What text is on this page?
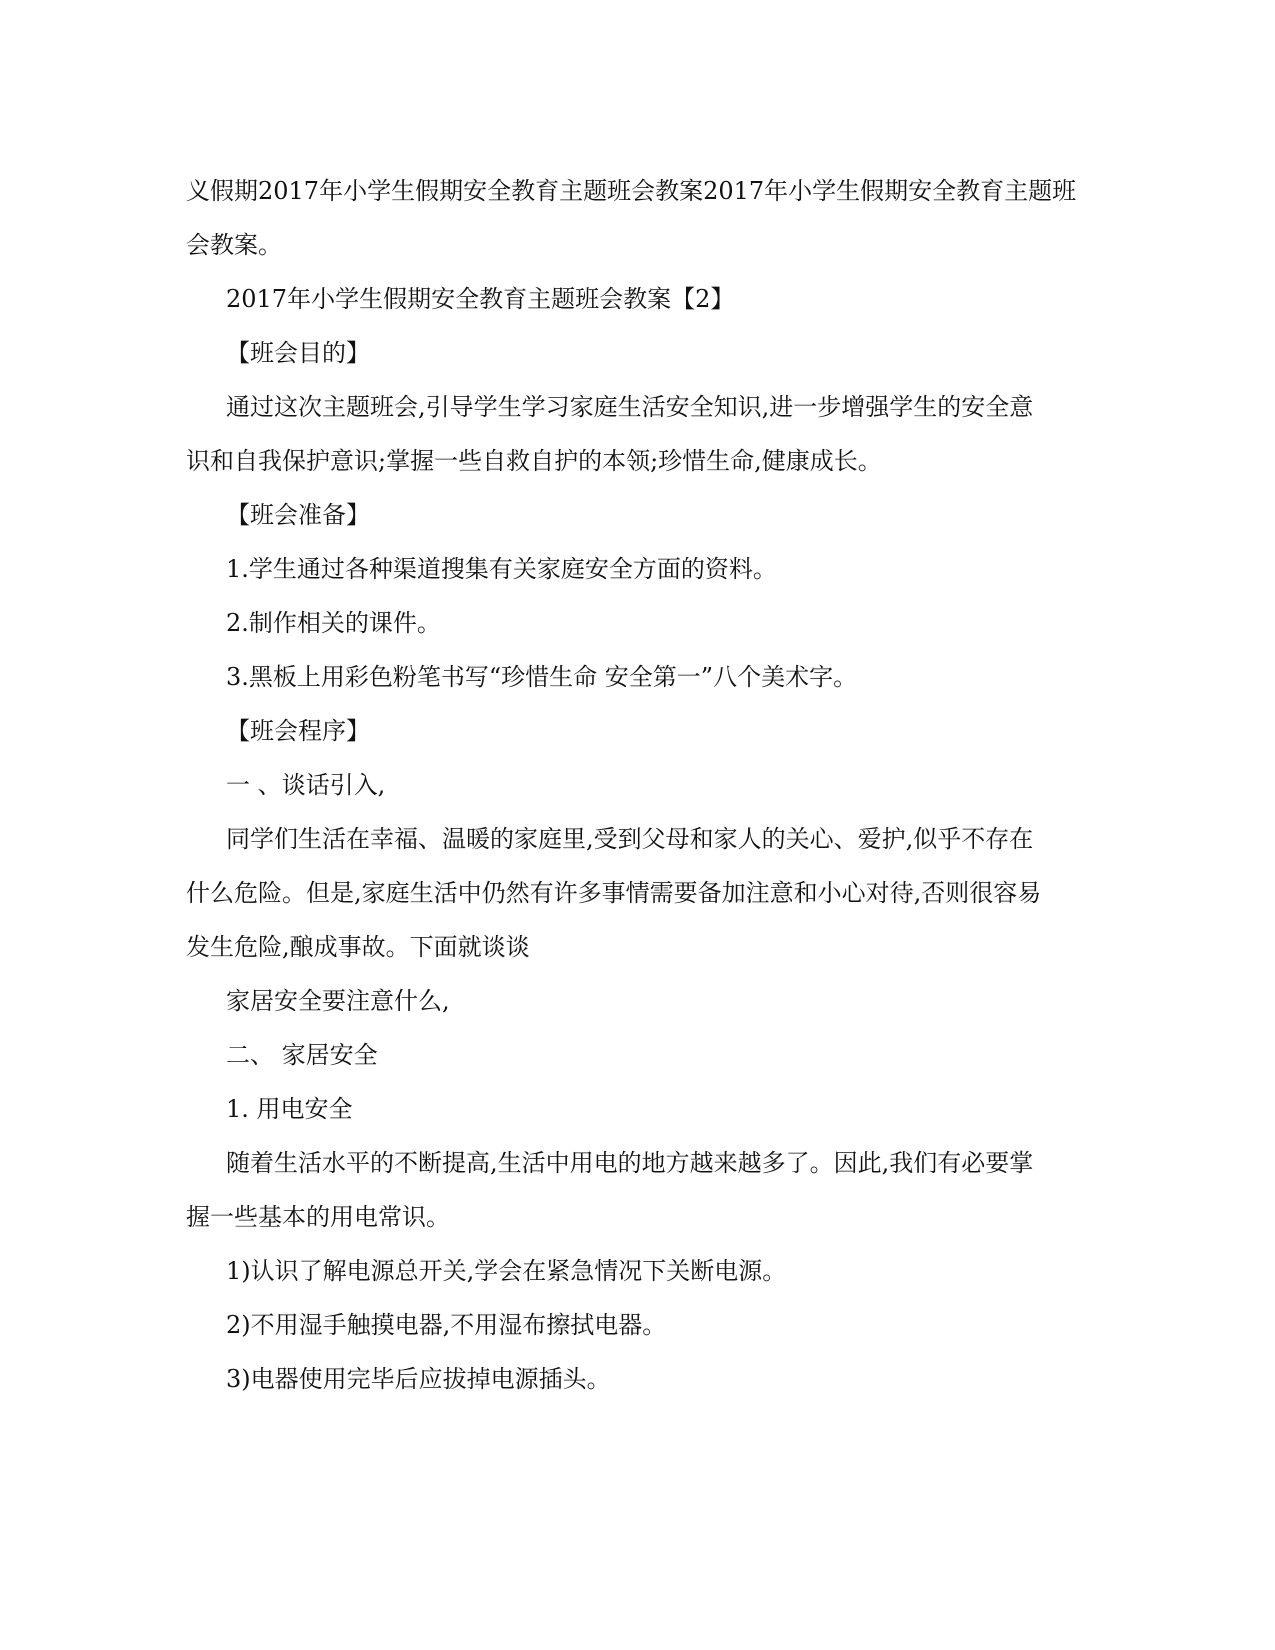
义假期2017年小学生假期安全教育主题班会教案2017年小学生假期安全教育主题班

会教案。

2017年小学生假期安全教育主题班会教案【2】

【班会目的】

通过这次主题班会,引导学生学习家庭生活安全知识,进一步增强学生的安全意

识和自我保护意识;掌握一些自救自护的本领;珍惜生命,健康成长。

【班会准备】

1.学生通过各种渠道搜集有关家庭安全方面的资料。

2.制作相关的课件。

3.黑板上用彩色粉笔书写“珍惜生命 安全第一”八个美术字。

【班会程序】

一 、谈话引入,

同学们生活在幸福、温暖的家庭里,受到父母和家人的关心、爱护,似乎不存在

什么危险。但是,家庭生活中仍然有许多事情需要备加注意和小心对待,否则很容易

发生危险,酿成事故。下面就谈谈

家居安全要注意什么,

二、 家居安全

1. 用电安全

随着生活水平的不断提高,生活中用电的地方越来越多了。因此,我们有必要掌

握一些基本的用电常识。

1)认识了解电源总开关,学会在紧急情况下关断电源。

2)不用湿手触摸电器,不用湿布擦拭电器。

3)电器使用完毕后应拔掉电源插头。
